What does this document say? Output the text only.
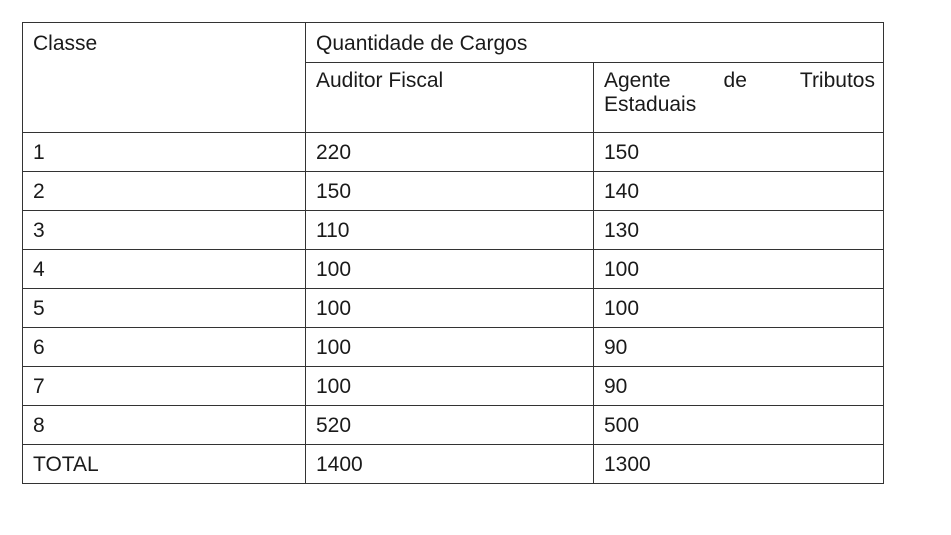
Classe	Quantidade de Cargos	
	Auditor Fiscal	Agente de Tributos
Estaduais

1	220	150
2	150	140
3	110	130
4	100	100
5	100	100
6	100	90
7	100	90
8	520	500
TOTAL	1400	1300
